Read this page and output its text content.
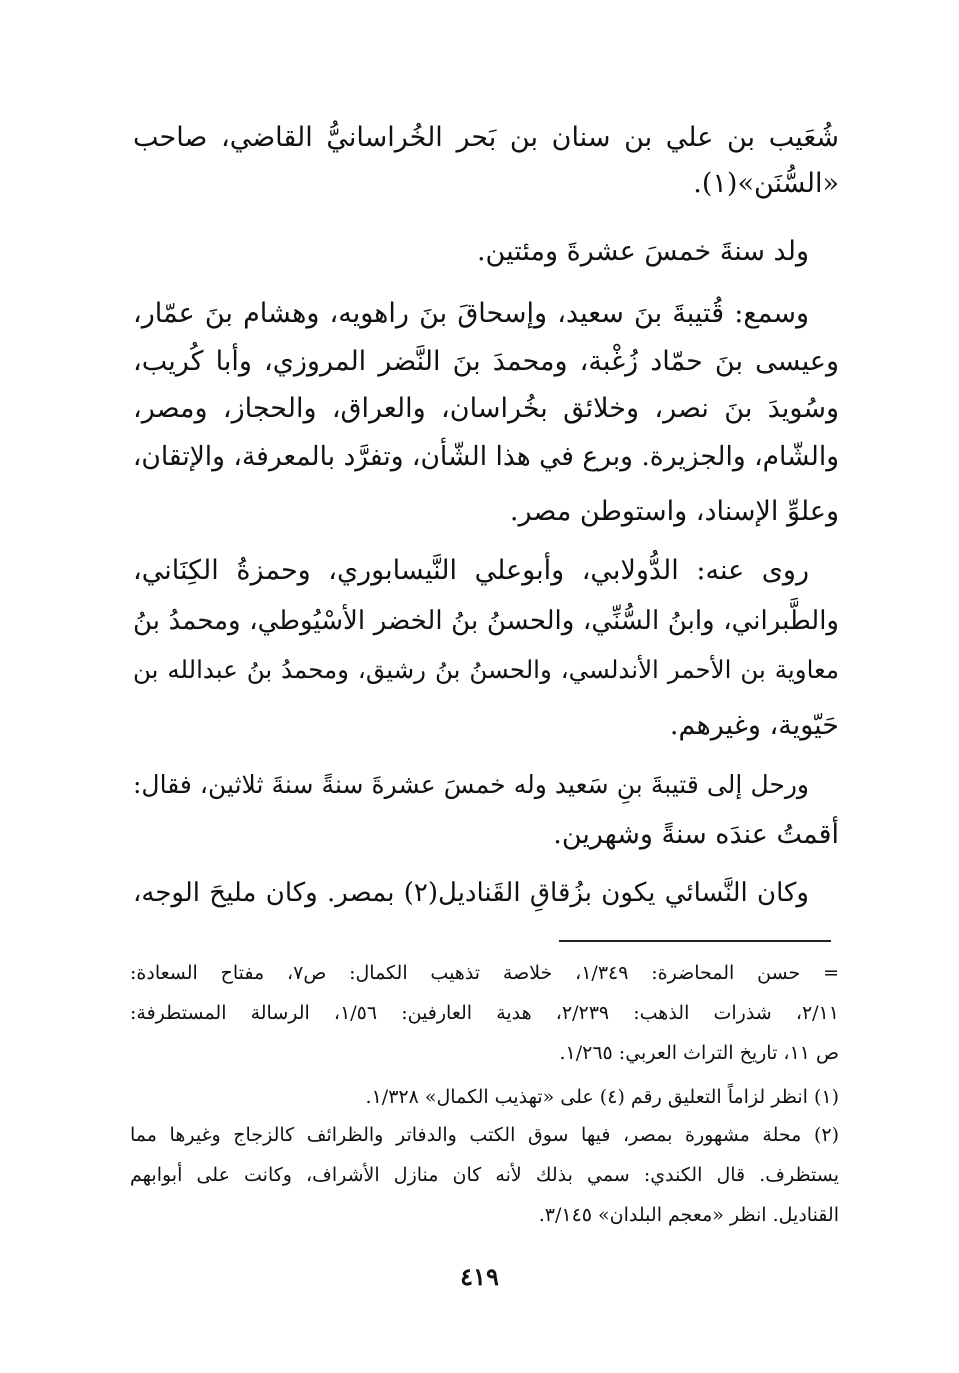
شُعَيب بن علي بن سنان بن بَحر الخُراسانيُّ القاضي، صاحب
«السُّنَن»(١).
ولد سنةَ خمسَ عشرةَ ومئتين.
وسمع: قُتيبةَ بنَ سعيد، وإسحاقَ بنَ راهويه، وهشام بنَ عمّار،
وعيسى بنَ حمّاد زُغْبة، ومحمدَ بنَ النَّضر المروزي، وأبا كُريب،
وسُويدَ بنَ نصر، وخلائق بخُراسان، والعراق، والحجاز، ومصر،
والشّام، والجزيرة. وبرع في هذا الشّأن، وتفرَّد بالمعرفة، والإتقان،
وعلوِّ الإسناد، واستوطن مصر.
روى عنه: الدُّولابي، وأبوعلي النَّيسابوري، وحمزةُ الكِنَاني،
والطَّبراني، وابنُ السُّنِّي، والحسنُ بنُ الخضر الأسْيُوطي، ومحمدُ بنُ
معاوية بن الأحمر الأندلسي، والحسنُ بنُ رشيق، ومحمدُ بنُ عبدالله بن
حَيّوية، وغيرهم.
ورحل إلى قتيبةَ بنِ سَعيد وله خمسَ عشرةَ سنةً سنةَ ثلاثين، فقال:
أقمتُ عندَه سنةً وشهرين.
وكان النَّسائي يكون بزُقاقِ القَناديل(٢) بمصر. وكان مليحَ الوجه،
= حسن المحاضرة: ١/٣٤٩، خلاصة تذهيب الكمال: ص٧، مفتاح السعادة:
٢/١١، شذرات الذهب: ٢/٢٣٩، هدية العارفين: ١/٥٦، الرسالة المستطرفة:
ص ١١، تاريخ التراث العربي: ١/٢٦٥.
(١) انظر لزاماً التعليق رقم (٤) على «تهذيب الكمال» ١/٣٢٨.
(٢) محلة مشهورة بمصر، فيها سوق الكتب والدفاتر والظرائف كالزجاج وغيرها مما
يستظرف. قال الكندي: سمي بذلك لأنه كان منازل الأشراف، وكانت على أبوابهم
القناديل. انظر «معجم البلدان» ٣/١٤٥.
٤١٩
